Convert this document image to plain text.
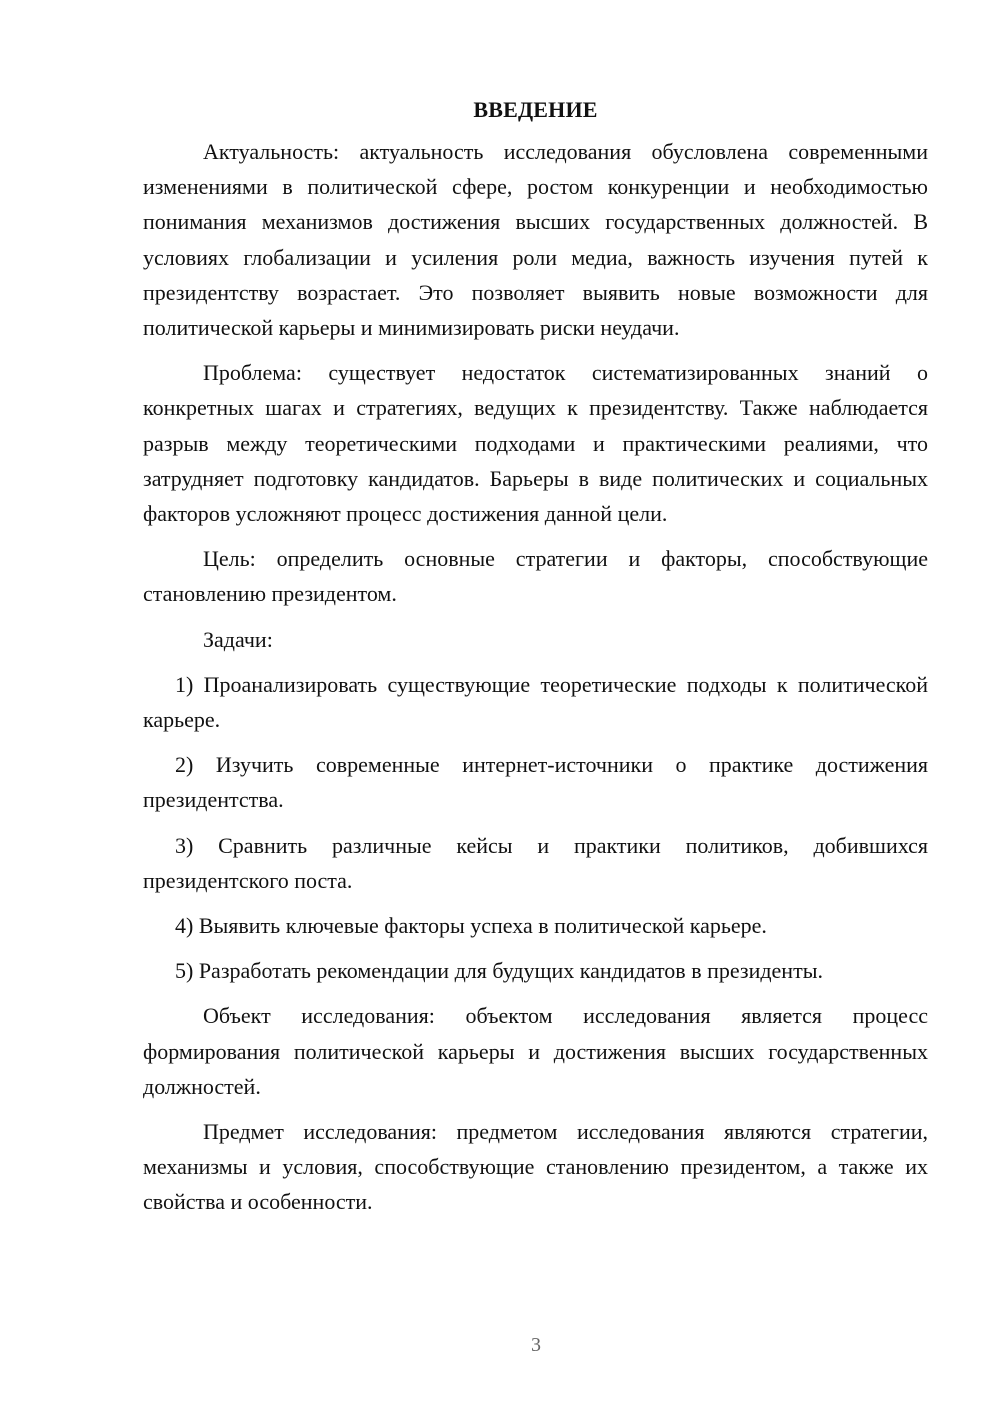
ВВЕДЕНИЕ

Актуальность: актуальность исследования обусловлена современными изменениями в политической сфере, ростом конкуренции и необходимостью понимания механизмов достижения высших государственных должностей. В условиях глобализации и усиления роли медиа, важность изучения путей к президентству возрастает. Это позволяет выявить новые возможности для политической карьеры и минимизировать риски неудачи.

Проблема: существует недостаток систематизированных знаний о конкретных шагах и стратегиях, ведущих к президентству. Также наблюдается разрыв между теоретическими подходами и практическими реалиями, что затрудняет подготовку кандидатов. Барьеры в виде политических и социальных факторов усложняют процесс достижения данной цели.

Цель: определить основные стратегии и факторы, способствующие становлению президентом.

Задачи:

1) Проанализировать существующие теоретические подходы к политической карьере.

2) Изучить современные интернет-источники о практике достижения президентства.

3) Сравнить различные кейсы и практики политиков, добившихся президентского поста.

4) Выявить ключевые факторы успеха в политической карьере.

5) Разработать рекомендации для будущих кандидатов в президенты.

Объект исследования: объектом исследования является процесс формирования политической карьеры и достижения высших государственных должностей.

Предмет исследования: предметом исследования являются стратегии, механизмы и условия, способствующие становлению президентом, а также их свойства и особенности.

3
